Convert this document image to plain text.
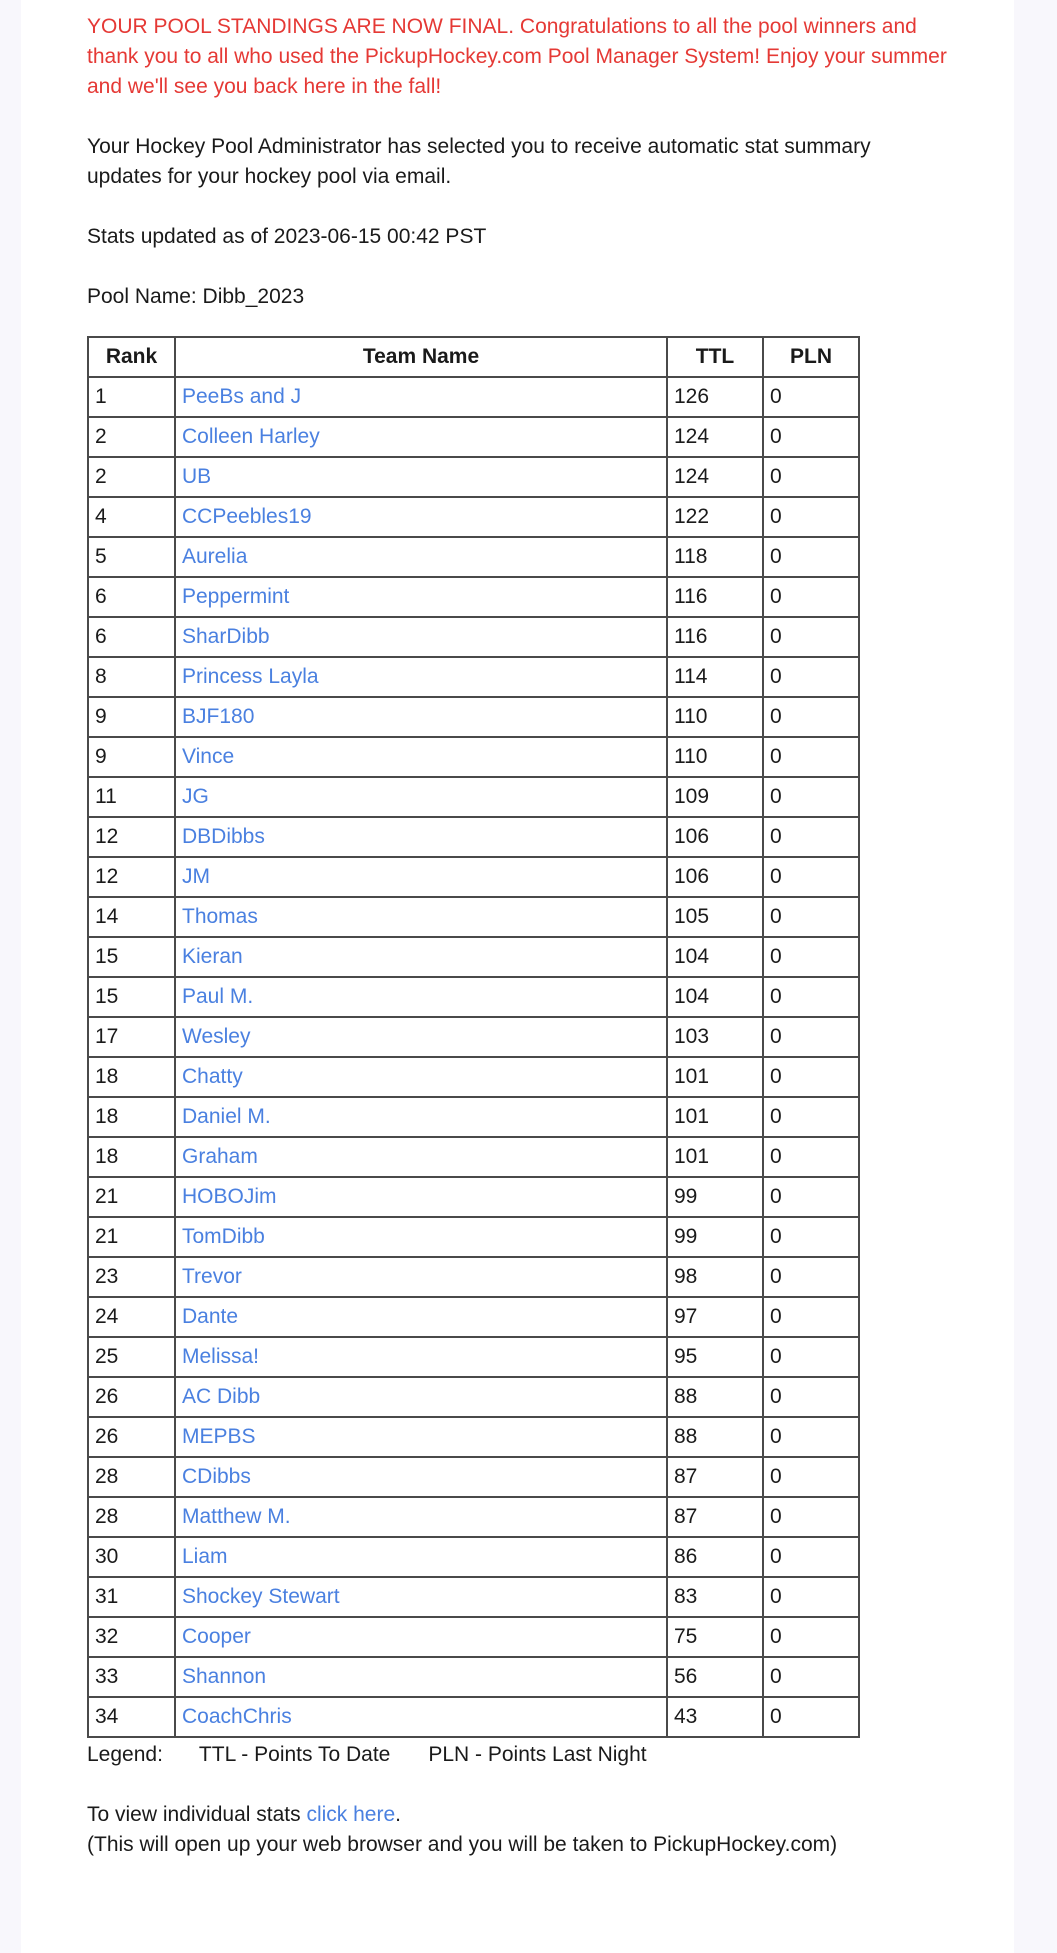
YOUR POOL STANDINGS ARE NOW FINAL. Congratulations to all the pool winners and thank you to all who used the PickupHockey.com Pool Manager System! Enjoy your summer and we'll see you back here in the fall!

Your Hockey Pool Administrator has selected you to receive automatic stat summary updates for your hockey pool via email.

Stats updated as of 2023-06-15 00:42 PST

Pool Name: Dibb_2023

Rank	Team Name	TTL	PLN
1	PeeBs and J	126	0
2	Colleen Harley	124	0
2	UB	124	0
4	CCPeebles19	122	0
5	Aurelia	118	0
6	Peppermint	116	0
6	SharDibb	116	0
8	Princess Layla	114	0
9	BJF180	110	0
9	Vince	110	0
11	JG	109	0
12	DBDibbs	106	0
12	JM	106	0
14	Thomas	105	0
15	Kieran	104	0
15	Paul M.	104	0
17	Wesley	103	0
18	Chatty	101	0
18	Daniel M.	101	0
18	Graham	101	0
21	HOBOJim	99	0
21	TomDibb	99	0
23	Trevor	98	0
24	Dante	97	0
25	Melissa!	95	0
26	AC Dibb	88	0
26	MEPBS	88	0
28	CDibbs	87	0
28	Matthew M.	87	0
30	Liam	86	0
31	Shockey Stewart	83	0
32	Cooper	75	0
33	Shannon	56	0
34	CoachChris	43	0
Legend: TTL - Points To Date PLN - Points Last Night
To view individual stats click here.
(This will open up your web browser and you will be taken to PickupHockey.com)
